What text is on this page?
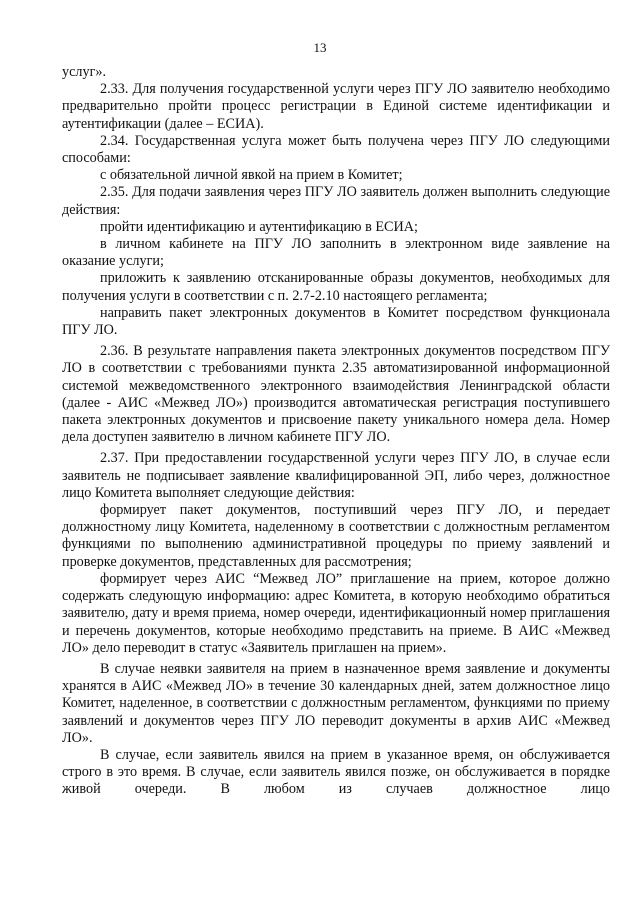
13

услуг».

2.33. Для получения государственной услуги через ПГУ ЛО заявителю необходимо предварительно пройти процесс регистрации в Единой системе идентификации и аутентификации (далее – ЕСИА).

2.34. Государственная услуга может быть получена через ПГУ ЛО следующими способами:

с обязательной личной явкой на прием в Комитет;

2.35. Для подачи заявления через ПГУ ЛО заявитель должен выполнить следующие действия:

пройти идентификацию и аутентификацию в ЕСИА;

в личном кабинете на ПГУ ЛО заполнить в электронном виде заявление на оказание услуги;

приложить к заявлению отсканированные образы документов, необходимых для получения услуги в соответствии с п. 2.7-2.10 настоящего регламента;

направить пакет электронных документов в Комитет посредством функционала ПГУ ЛО.

2.36. В результате направления пакета электронных документов посредством ПГУ ЛО в соответствии с требованиями пункта 2.35 автоматизированной информационной системой межведомственного электронного взаимодействия Ленинградской области (далее - АИС «Межвед ЛО») производится автоматическая регистрация поступившего пакета электронных документов и присвоение пакету уникального номера дела. Номер дела доступен заявителю в личном кабинете ПГУ ЛО.

2.37. При предоставлении государственной услуги через ПГУ ЛО, в случае если заявитель не подписывает заявление квалифицированной ЭП, либо через, должностное лицо Комитета выполняет следующие действия:

формирует пакет документов, поступивший через ПГУ ЛО, и передает должностному лицу Комитета, наделенному в соответствии с должностным регламентом функциями по выполнению административной процедуры по приему заявлений и проверке документов, представленных для рассмотрения;

формирует через АИС “Межвед ЛО” приглашение на прием, которое должно содержать следующую информацию: адрес Комитета, в которую необходимо обратиться заявителю, дату и время приема, номер очереди, идентификационный номер приглашения и перечень документов, которые необходимо представить на приеме. В АИС «Межвед ЛО» дело переводит в статус «Заявитель приглашен на прием».

В случае неявки заявителя на прием в назначенное время заявление и документы хранятся в АИС «Межвед ЛО» в течение 30 календарных дней, затем должностное лицо Комитет, наделенное, в соответствии с должностным регламентом, функциями по приему заявлений и документов через ПГУ ЛО переводит документы в архив АИС «Межвед ЛО».

В случае, если заявитель явился на прием в указанное время, он обслуживается строго в это время. В случае, если заявитель явился позже, он обслуживается в порядке живой очереди. В любом из случаев должностное лицо
